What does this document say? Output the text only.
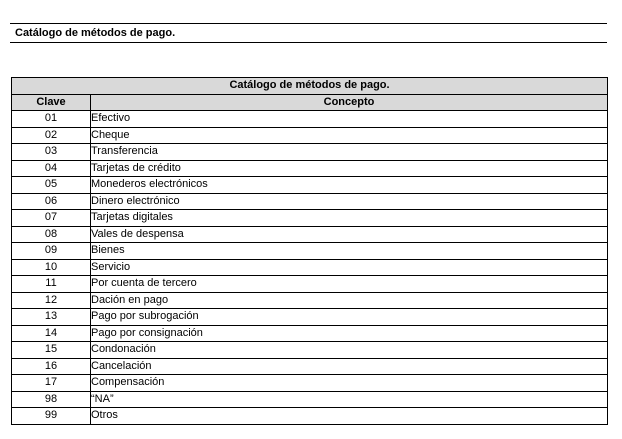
Catálogo de métodos de pago.
Catálogo de métodos de pago.	
Clave	Concepto
01	Efectivo
02	Cheque
03	Transferencia
04	Tarjetas de crédito
05	Monederos electrónicos
06	Dinero electrónico
07	Tarjetas digitales
08	Vales de despensa
09	Bienes
10	Servicio
11	Por cuenta de tercero
12	Dación en pago
13	Pago por subrogación
14	Pago por consignación
15	Condonación
16	Cancelación
17	Compensación
98	“NA”
99	Otros
